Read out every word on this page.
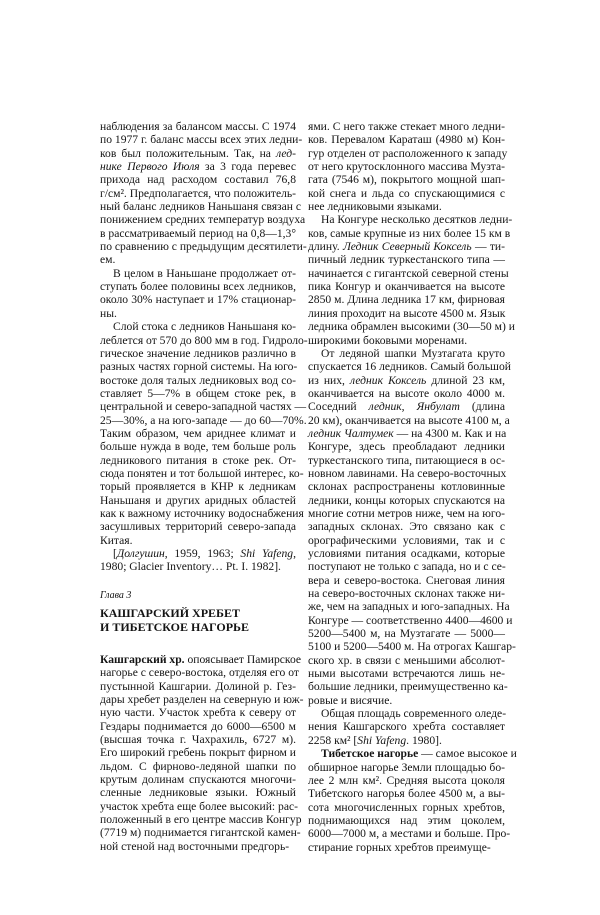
наблюдения за балансом массы. С 1974
по 1977 г. баланс массы всех этих ледни-
ков был положительным. Так, на лед-
нике Первого Июля за 3 года перевес
прихода над расходом составил 76,8
г/см². Предполагается, что положитель-
ный баланс ледников Наньшаня связан с
понижением средних температур воздуха
в рассматриваемый период на 0,8—1,3°
по сравнению с предыдущим десятилети-
ем.
В целом в Наньшане продолжает от-
ступать более половины всех ледников,
около 30% наступает и 17% стационар-
ны.
Слой стока с ледников Наньшаня ко-
леблется от 570 до 800 мм в год. Гидроло-
гическое значение ледников различно в
разных частях горной системы. На юго-
востоке доля талых ледниковых вод со-
ставляет 5—7% в общем стоке рек, в
центральной и северо-западной частях —
25—30%, а на юго-западе — до 60—70%.
Таким образом, чем ариднее климат и
больше нужда в воде, тем больше роль
ледникового питания в стоке рек. От-
сюда понятен и тот большой интерес, ко-
торый проявляется в КНР к ледникам
Наньшаня и других аридных областей
как к важному источнику водоснабжения
засушливых территорий северо-запада
Китая.
[Долгушин, 1959, 1963; Shi Yafeng,
1980; Glacier Inventory… Pt. I. 1982].
Глава 3
КАШГАРСКИЙ ХРЕБЕТ
И ТИБЕТСКОЕ НАГОРЬЕ
Кашгарский хр. опоясывает Памирское
нагорье с северо-востока, отделяя его от
пустынной Кашгарии. Долиной р. Гез-
дары хребет разделен на северную и юж-
ную части. Участок хребта к северу от
Гездары поднимается до 6000—6500 м
(высшая точка г. Чахрахиль, 6727 м).
Его широкий гребень покрыт фирном и
льдом. С фирново-ледяной шапки по
крутым долинам спускаются многочи-
сленные ледниковые языки. Южный
участок хребта еще более высокий: рас-
положенный в его центре массив Конгур
(7719 м) поднимается гигантской камен-
ной стеной над восточными предгорь-
ями. С него также стекает много ледни-
ков. Перевалом Караташ (4980 м) Кон-
гур отделен от расположенного к западу
от него крутосклонного массива Музта-
гата (7546 м), покрытого мощной шап-
кой снега и льда со спускающимися с
нее ледниковыми языками.
На Конгуре несколько десятков ледни-
ков, самые крупные из них более 15 км в
длину. Ледник Северный Коксель — ти-
пичный ледник туркестанского типа —
начинается с гигантской северной стены
пика Конгур и оканчивается на высоте
2850 м. Длина ледника 17 км, фирновая
линия проходит на высоте 4500 м. Язык
ледника обрамлен высокими (30—50 м) и
широкими боковыми моренами.
От ледяной шапки Музтагата круто
спускается 16 ледников. Самый большой
из них, ледник Коксель длиной 23 км,
оканчивается на высоте около 4000 м.
Соседний ледник, Янбулат (длина
20 км), оканчивается на высоте 4100 м, а
ледник Чалтумек — на 4300 м. Как и на
Конгуре, здесь преобладают ледники
туркестанского типа, питающиеся в ос-
новном лавинами. На северо-восточных
склонах распространены котловинные
ледники, концы которых спускаются на
многие сотни метров ниже, чем на юго-
западных склонах. Это связано как с
орографическими условиями, так и с
условиями питания осадками, которые
поступают не только с запада, но и с се-
вера и северо-востока. Снеговая линия
на северо-восточных склонах также ни-
же, чем на западных и юго-западных. На
Конгуре — соответственно 4400—4600 и
5200—5400 м, на Музтагате — 5000—
5100 и 5200—5400 м. На отрогах Кашгар-
ского хр. в связи с меньшими абсолют-
ными высотами встречаются лишь не-
большие ледники, преимущественно ка-
ровые и висячие.
Общая площадь современного оледе-
нения Кашгарского хребта составляет
2258 км² [Shi Yafeng. 1980].
Тибетское нагорье — самое высокое и
обширное нагорье Земли площадью бо-
лее 2 млн км². Средняя высота цоколя
Тибетского нагорья более 4500 м, а вы-
сота многочисленных горных хребтов,
поднимающихся над этим цоколем,
6000—7000 м, а местами и больше. Про-
стирание горных хребтов преимуще-
